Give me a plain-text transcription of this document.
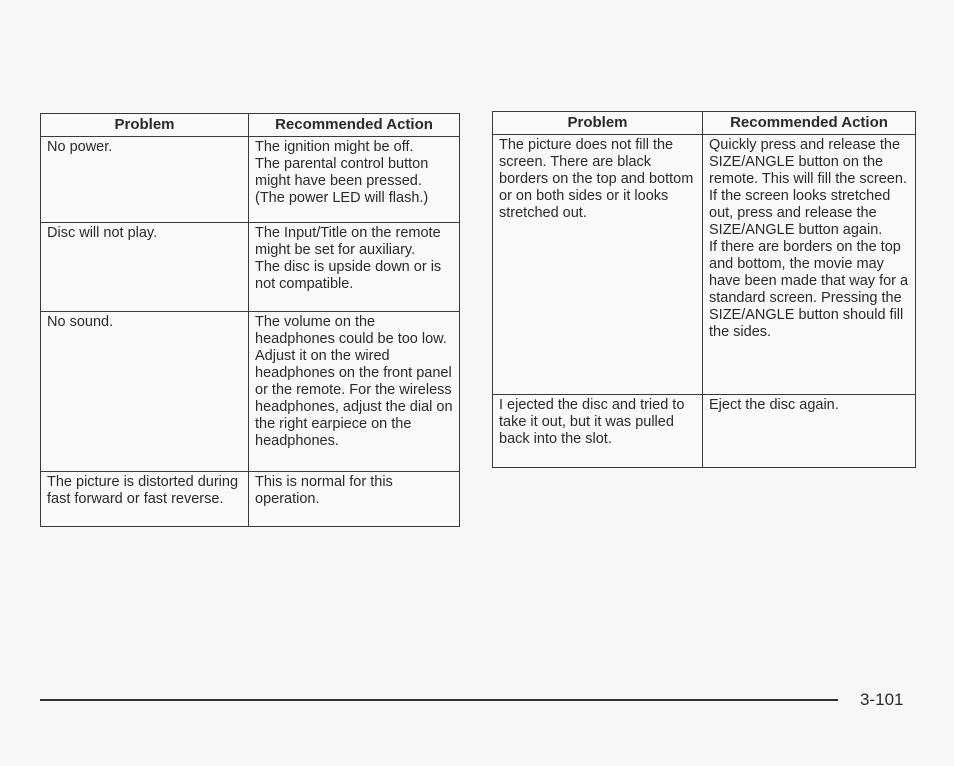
Problem	Recommended Action
No power.	The ignition might be off.
The parental control button might have been pressed. (The power LED will flash.)
Disc will not play.	The Input/Title on the remote might be set for auxiliary.
The disc is upside down or is not compatible.
No sound.	The volume on the headphones could be too low. Adjust it on the wired headphones on the front panel or the remote. For the wireless headphones, adjust the dial on the right earpiece on the headphones.
The picture is distorted during fast forward or fast reverse.	This is normal for this operation.
Problem	Recommended Action
The picture does not fill the screen. There are black borders on the top and bottom or on both sides or it looks stretched out.	Quickly press and release the SIZE/ANGLE button on the remote. This will fill the screen. If the screen looks stretched out, press and release the SIZE/ANGLE button again.
If there are borders on the top and bottom, the movie may have been made that way for a standard screen. Pressing the SIZE/ANGLE button should fill the sides.
I ejected the disc and tried to take it out, but it was pulled back into the slot.	Eject the disc again.
3-101
